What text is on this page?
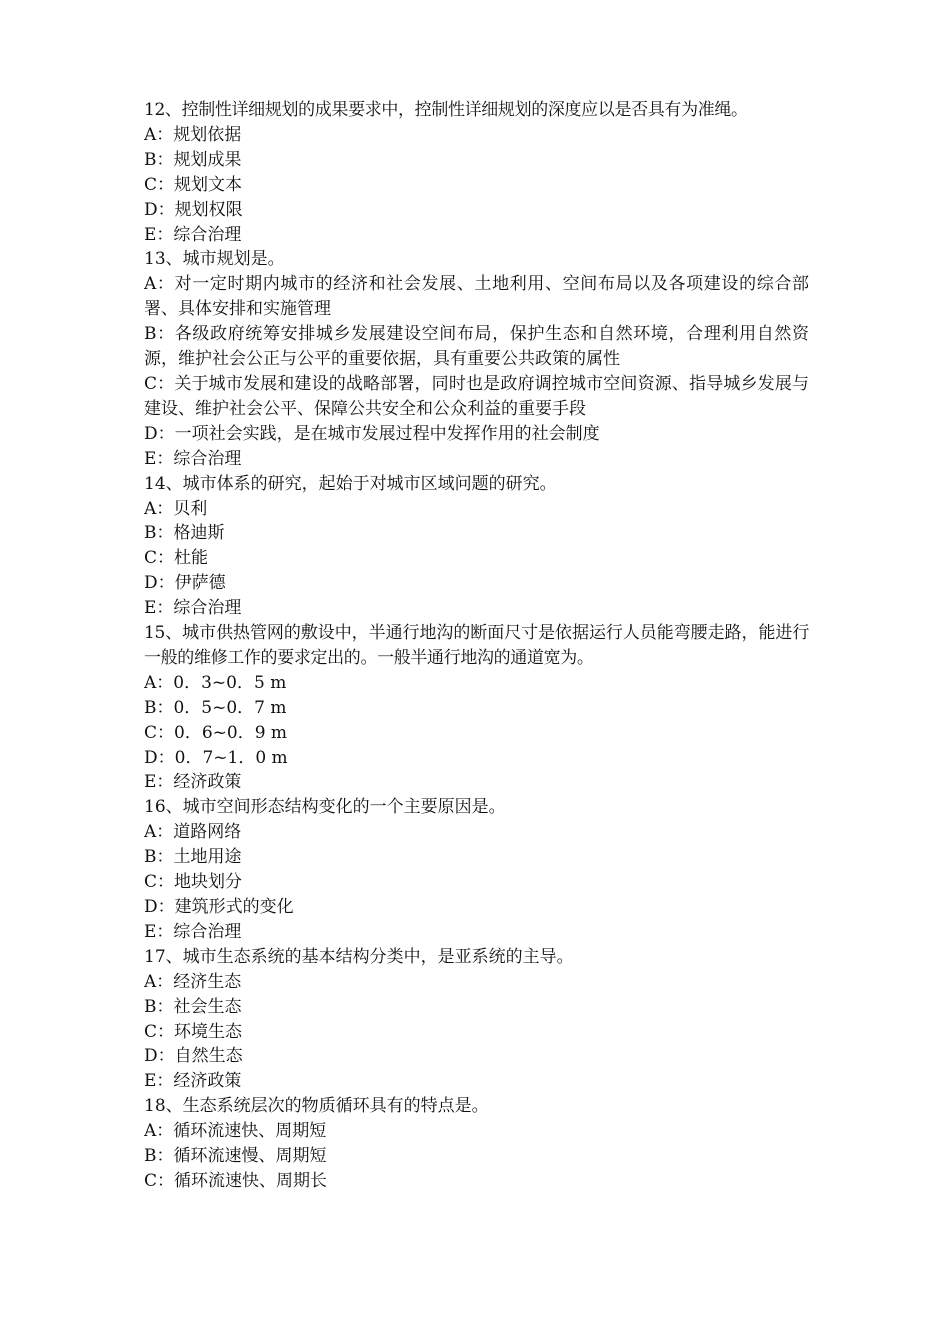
12、控制性详细规划的成果要求中，控制性详细规划的深度应以是否具有为准绳。
A：规划依据
B：规划成果
C：规划文本
D：规划权限
E：综合治理
13、城市规划是。
A：对一定时期内城市的经济和社会发展、土地利用、空间布局以及各项建设的综合部署、具体安排和实施管理
B：各级政府统筹安排城乡发展建设空间布局，保护生态和自然环境，合理利用自然资源，维护社会公正与公平的重要依据，具有重要公共政策的属性
C：关于城市发展和建设的战略部署，同时也是政府调控城市空间资源、指导城乡发展与建设、维护社会公平、保障公共安全和公众利益的重要手段
D：一项社会实践，是在城市发展过程中发挥作用的社会制度
E：综合治理
14、城市体系的研究，起始于对城市区域问题的研究。
A：贝利
B：格迪斯
C：杜能
D：伊萨德
E：综合治理
15、城市供热管网的敷设中，半通行地沟的断面尺寸是依据运行人员能弯腰走路，能进行一般的维修工作的要求定出的。一般半通行地沟的通道宽为。
A：0．3~0．5 m
B：0．5~0．7 m
C：0．6~0．9 m
D：0．7~1．0 m
E：经济政策
16、城市空间形态结构变化的一个主要原因是。
A：道路网络
B：土地用途
C：地块划分
D：建筑形式的变化
E：综合治理
17、城市生态系统的基本结构分类中，是亚系统的主导。
A：经济生态
B：社会生态
C：环境生态
D：自然生态
E：经济政策
18、生态系统层次的物质循环具有的特点是。
A：循环流速快、周期短
B：循环流速慢、周期短
C：循环流速快、周期长
